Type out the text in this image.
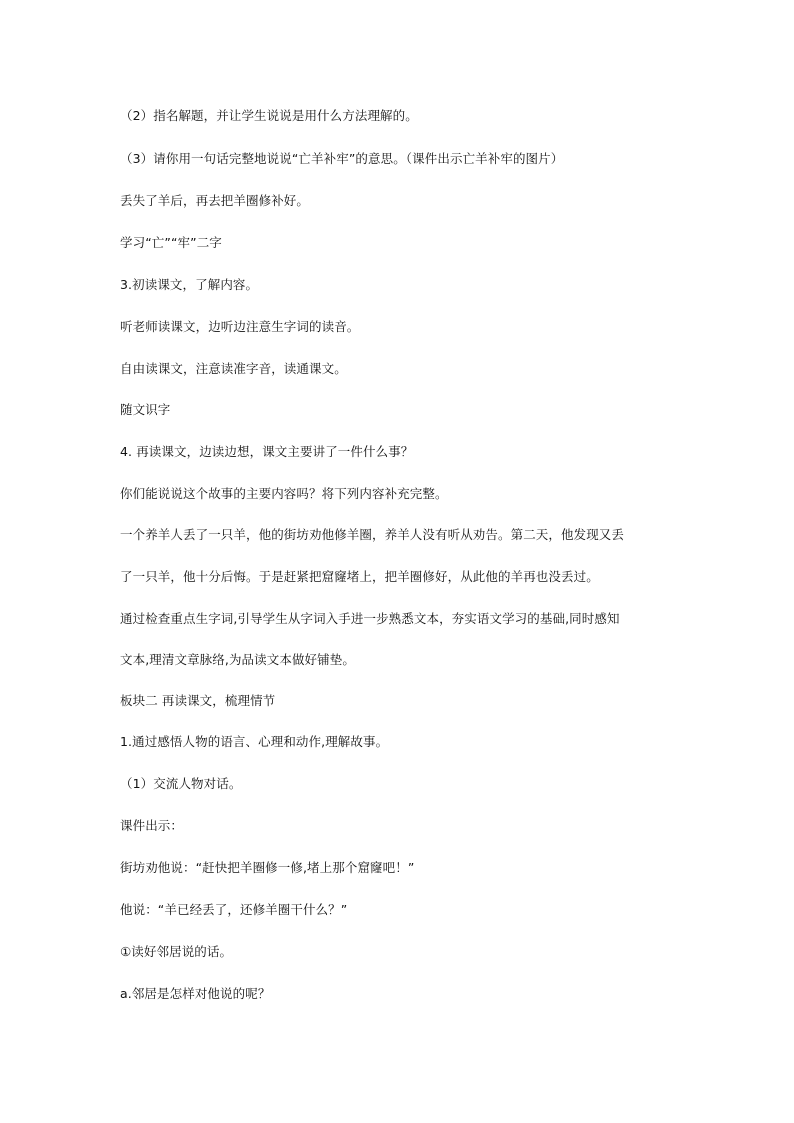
（2）指名解题，并让学生说说是用什么方法理解的。
（3）请你用一句话完整地说说“亡羊补牢”的意思。（课件出示亡羊补牢的图片）
丢失了羊后，再去把羊圈修补好。
学习“亡”“牢”二字
3.初读课文，了解内容。
听老师读课文，边听边注意生字词的读音。
自由读课文，注意读准字音，读通课文。
随文识字
4. 再读课文，边读边想，课文主要讲了一件什么事？
你们能说说这个故事的主要内容吗？将下列内容补充完整。
一个养羊人丢了一只羊，他的街坊劝他修羊圈，养羊人没有听从劝告。第二天，他发现又丢
了一只羊，他十分后悔。于是赶紧把窟窿堵上，把羊圈修好，从此他的羊再也没丢过。
通过检查重点生字词,引导学生从字词入手进一步熟悉文本，夯实语文学习的基础,同时感知
文本,理清文章脉络,为品读文本做好铺垫。
板块二 再读课文，梳理情节
1.通过感悟人物的语言、心理和动作,理解故事。
（1）交流人物对话。
课件出示：
街坊劝他说：“赶快把羊圈修一修,堵上那个窟窿吧！”
他说：“羊已经丢了，还修羊圈干什么？”
①读好邻居说的话。
a.邻居是怎样对他说的呢？
